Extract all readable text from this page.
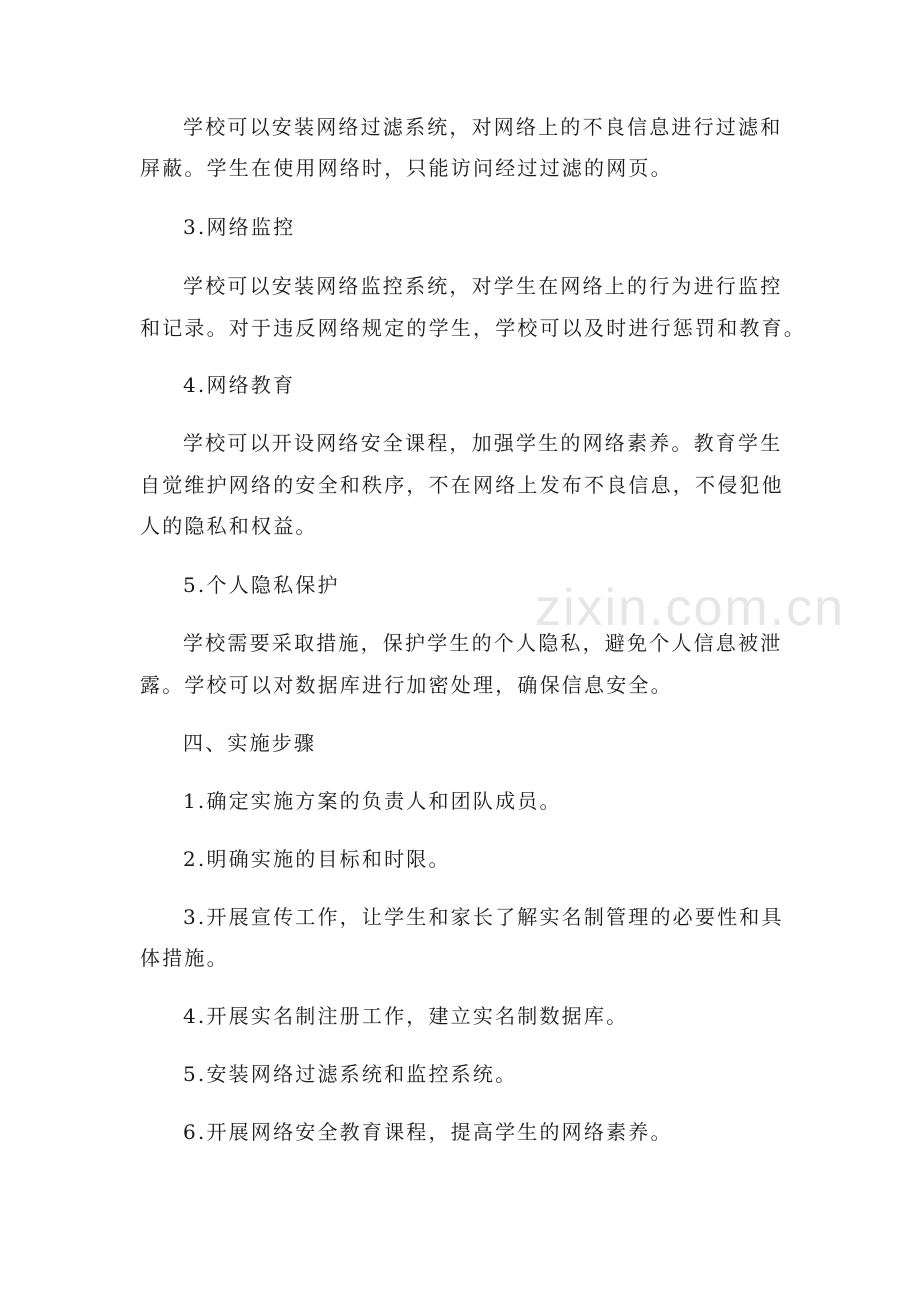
学校可以安装网络过滤系统，对网络上的不良信息进行过滤和
屏蔽。学生在使用网络时，只能访问经过过滤的网页。
3.网络监控
学校可以安装网络监控系统，对学生在网络上的行为进行监控
和记录。对于违反网络规定的学生，学校可以及时进行惩罚和教育。
4.网络教育
学校可以开设网络安全课程，加强学生的网络素养。教育学生
自觉维护网络的安全和秩序，不在网络上发布不良信息，不侵犯他
人的隐私和权益。
5.个人隐私保护
学校需要采取措施，保护学生的个人隐私，避免个人信息被泄
露。学校可以对数据库进行加密处理，确保信息安全。
四、实施步骤
1.确定实施方案的负责人和团队成员。
2.明确实施的目标和时限。
3.开展宣传工作，让学生和家长了解实名制管理的必要性和具
体措施。
4.开展实名制注册工作，建立实名制数据库。
5.安装网络过滤系统和监控系统。
6.开展网络安全教育课程，提高学生的网络素养。
zixin.com.cn
